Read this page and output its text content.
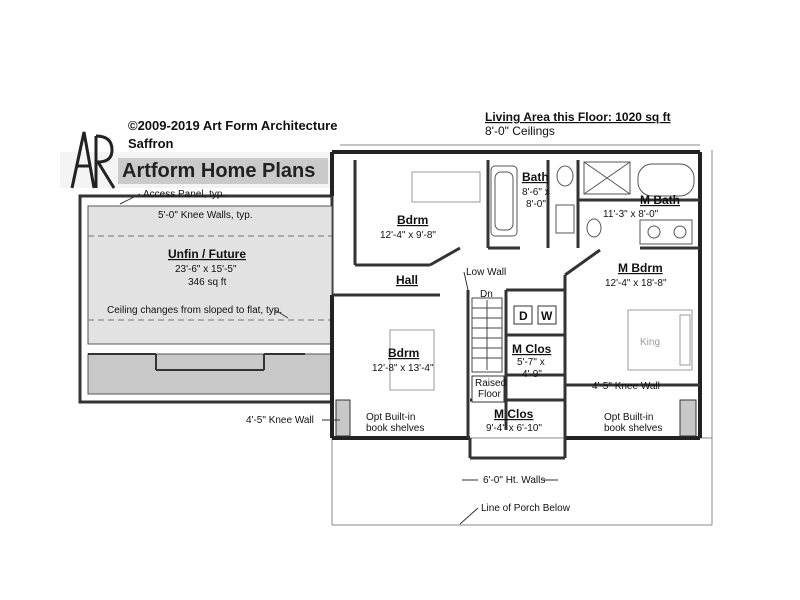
©2009-2019 Art Form Architecture
Saffron
Artform Home Plans
Living Area this Floor: 1020 sq ft
8'-0" Ceilings
Dn
D W
Bdrm
12'-4" x 9'-8"
Bath
8'-6" x
8'-0"	M Bath
11'-3" x 8'-0"
Unfin / Future
23'-6" x 15'-5"
346 sq ft	Hall
M Bdrm
12'-4" x 18'-8"
King
Bdrm
12'-8" x 13'-4"
M Clos
5'-7" x
4'-9"
M Clos
9'-4" x 6'-10"
Access Panel, typ.
5'-0" Knee Walls, typ.
Ceiling changes from sloped to flat, typ.
Low Wall
Raised
Floor
4'-5" Knee Wall
4'-5" Knee Wall	Opt Built-in
book shelves
Opt Built-in
book shelves
6'-0" Ht. Walls
Line of Porch Below
